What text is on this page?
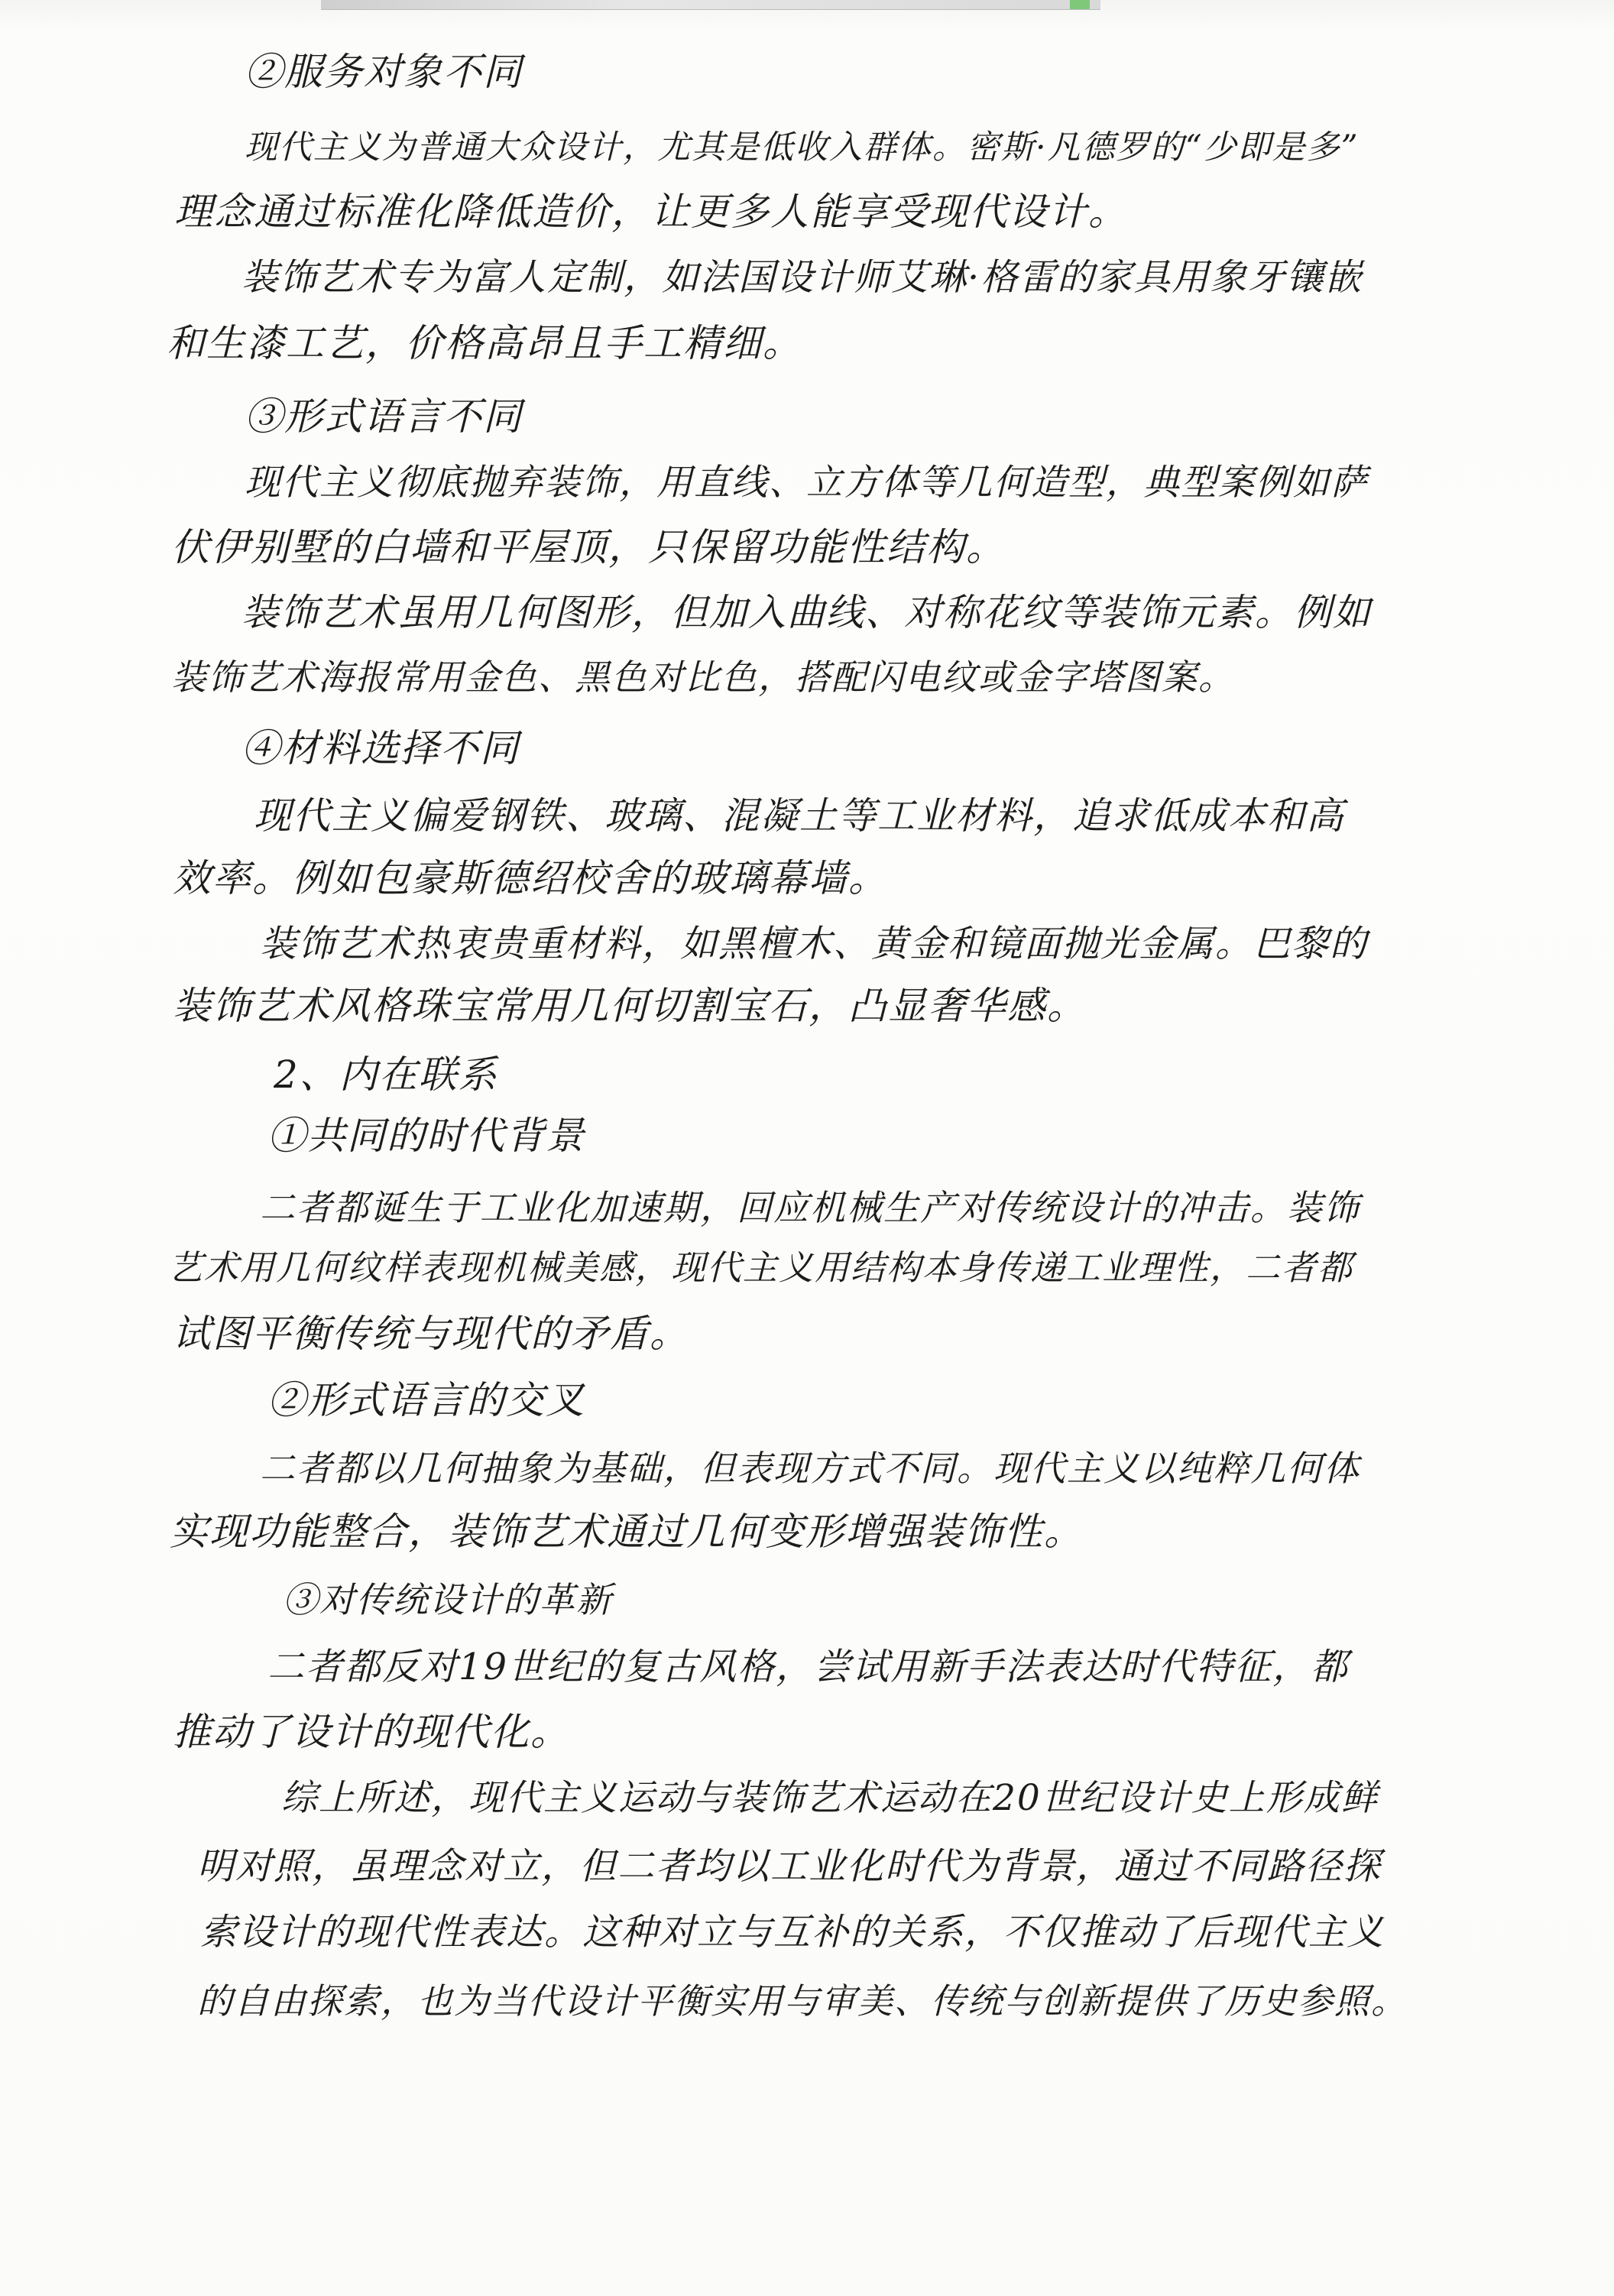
②服务对象不同
现代主义为普通大众设计，尤其是低收入群体。密斯·凡德罗的“少即是多”
理念通过标准化降低造价，让更多人能享受现代设计。
装饰艺术专为富人定制，如法国设计师艾琳·格雷的家具用象牙镶嵌
和生漆工艺，价格高昂且手工精细。
③形式语言不同
现代主义彻底抛弃装饰，用直线、立方体等几何造型，典型案例如萨
伏伊别墅的白墙和平屋顶，只保留功能性结构。
装饰艺术虽用几何图形，但加入曲线、对称花纹等装饰元素。例如
装饰艺术海报常用金色、黑色对比色，搭配闪电纹或金字塔图案。
④材料选择不同
现代主义偏爱钢铁、玻璃、混凝土等工业材料，追求低成本和高
效率。例如包豪斯德绍校舍的玻璃幕墙。
装饰艺术热衷贵重材料，如黑檀木、黄金和镜面抛光金属。巴黎的
装饰艺术风格珠宝常用几何切割宝石，凸显奢华感。
2、内在联系
①共同的时代背景
二者都诞生于工业化加速期，回应机械生产对传统设计的冲击。装饰
艺术用几何纹样表现机械美感，现代主义用结构本身传递工业理性，二者都
试图平衡传统与现代的矛盾。
②形式语言的交叉
二者都以几何抽象为基础，但表现方式不同。现代主义以纯粹几何体
实现功能整合，装饰艺术通过几何变形增强装饰性。
③对传统设计的革新
二者都反对19世纪的复古风格，尝试用新手法表达时代特征，都
推动了设计的现代化。
综上所述，现代主义运动与装饰艺术运动在20世纪设计史上形成鲜
明对照，虽理念对立，但二者均以工业化时代为背景，通过不同路径探
索设计的现代性表达。这种对立与互补的关系，不仅推动了后现代主义
的自由探索，也为当代设计平衡实用与审美、传统与创新提供了历史参照。
